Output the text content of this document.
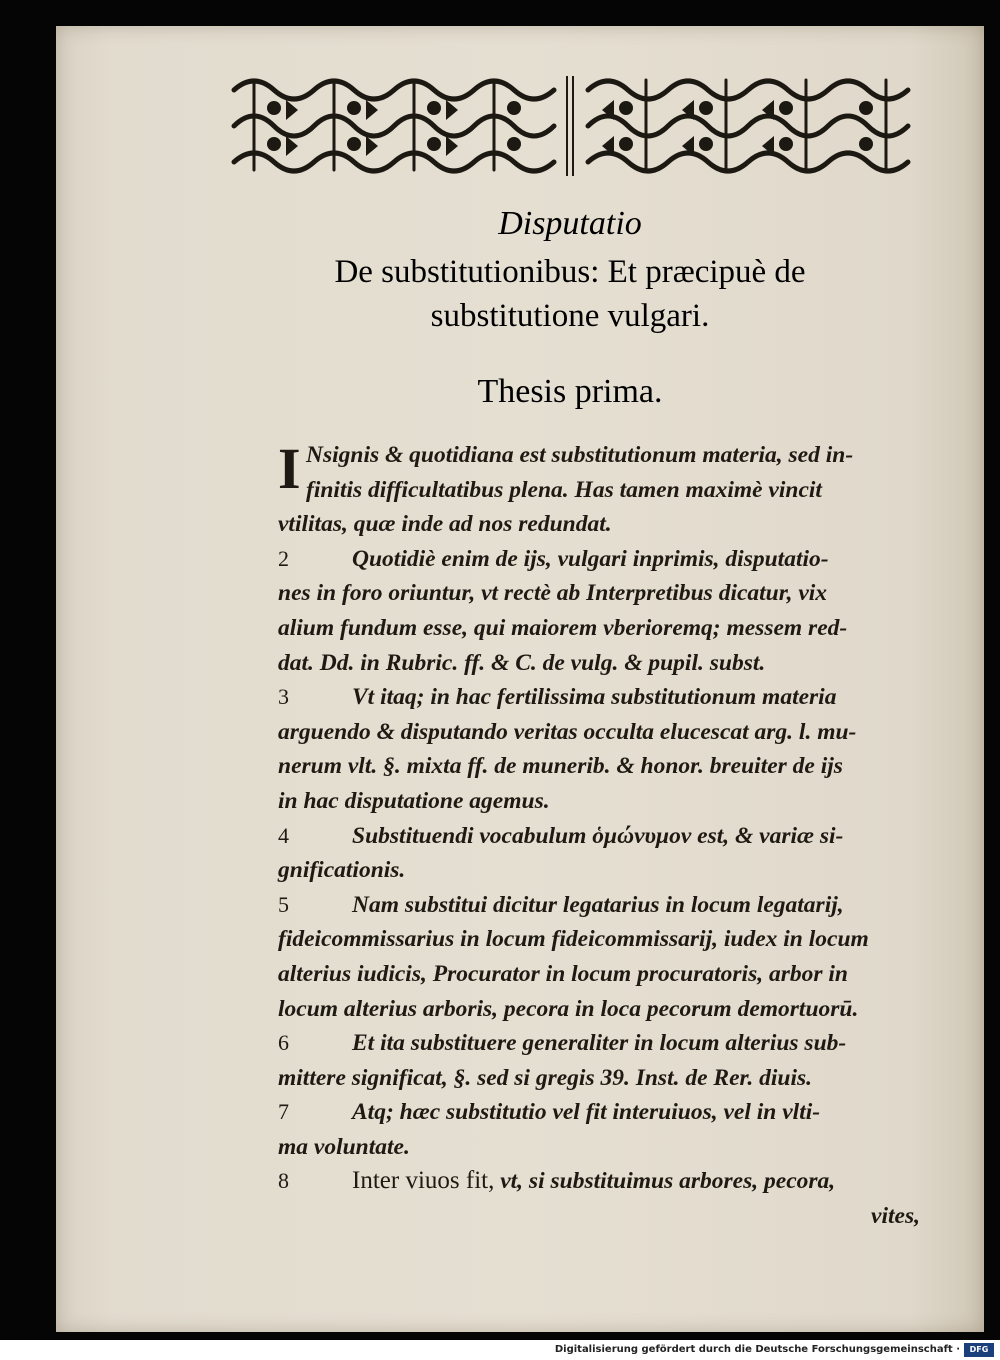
Disputatio
De substitutionibus: Et præcipuè de
substitutione vulgari.
Thesis prima.
I Nsignis & quotidiana est substitutionum materia, sed in-
finitis difficultatibus plena. Has tamen maximè vincit
vtilitas, quæ inde ad nos redundat.
2	Quotidiè enim de ijs, vulgari inprimis, disputatio-
nes in foro oriuntur, vt rectè ab Interpretibus dicatur, vix
alium fundum esse, qui maiorem vberioremq; messem red-
dat. Dd. in Rubric. ff. & C. de vulg. & pupil. subst.
3	Vt itaq; in hac fertilissima substitutionum materia
arguendo & disputando veritas occulta elucescat arg. l. mu-
nerum vlt. §. mixta ff. de munerib. & honor. breuiter de ijs
in hac disputatione agemus.
4	Substituendi vocabulum ὁμώνυμον est, & variæ si-
gnificationis.
5	Nam substitui dicitur legatarius in locum legatarij,
fideicommissarius in locum fideicommissarij, iudex in locum
alterius iudicis, Procurator in locum procuratoris, arbor in
locum alterius arboris, pecora in loca pecorum demortuorū.
6	Et ita substituere generaliter in locum alterius sub-
mittere significat, §. sed si gregis 39. Inst. de Rer. diuis.
7	Atq; hæc substitutio vel fit interuiuos, vel in vlti-
ma voluntate.
8	Inter viuos fit, vt, si substituimus arbores, pecora,
vites,
Digitalisierung gefördert durch die Deutsche Forschungsgemeinschaft · DFG
